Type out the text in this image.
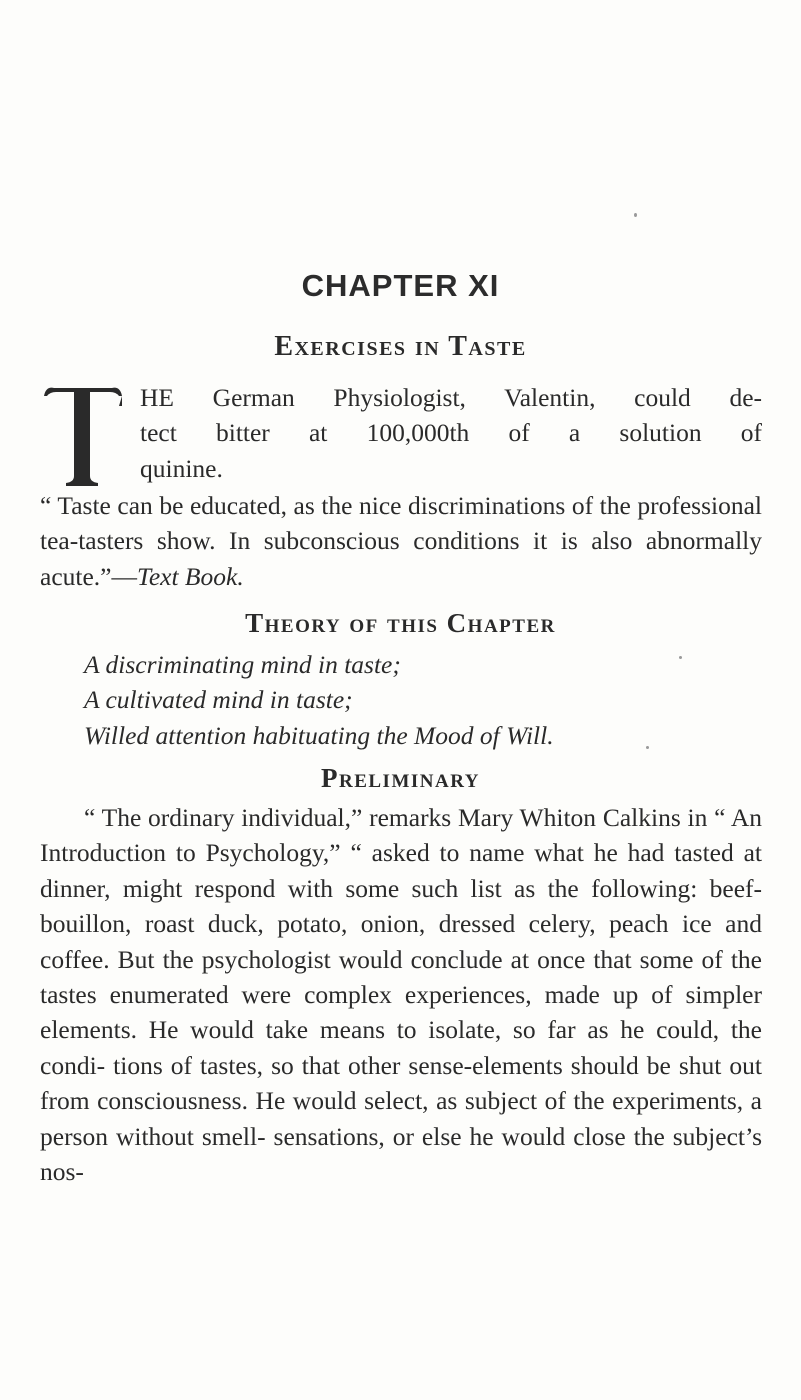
CHAPTER XI
Exercises in Taste
HE German Physiologist, Valentin, could de-
tect bitter at 100,000th of a solution of
quinine.

“ Taste can be educated, as the nice discriminations of the professional tea-tasters show. In subconscious conditions it is also abnormally acute.”—Text Book.

Theory of this Chapter
A discriminating mind in taste;
A cultivated mind in taste;
Willed attention habituating the Mood of Will.
Preliminary

“ The ordinary individual,” remarks Mary Whiton Calkins in “ An Introduction to Psychology,” “ asked to name what he had tasted at dinner, might respond with some such list as the following: beef-bouillon, roast duck, potato, onion, dressed celery, peach ice and coffee. But the psychologist would conclude at once that some of the tastes enumerated were complex experiences, made up of simpler elements. He would take means to isolate, so far as he could, the condi- tions of tastes, so that other sense-elements should be shut out from consciousness. He would select, as subject of the experiments, a person without smell- sensations, or else he would close the subject’s nos-
